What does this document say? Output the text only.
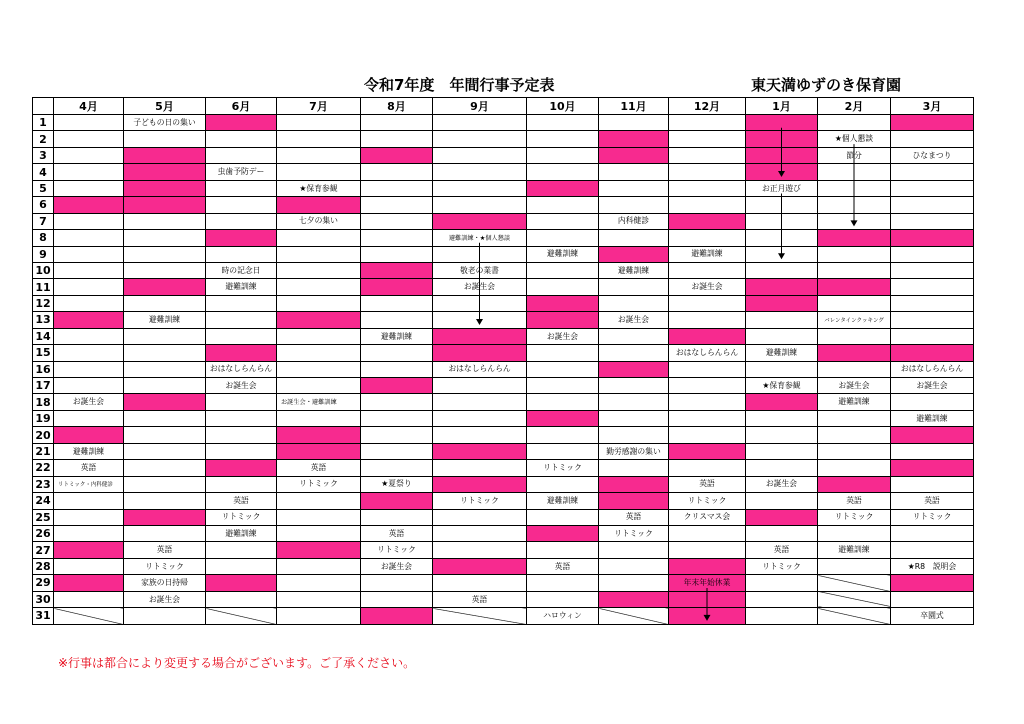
令和7年度　年間行事予定表	東天満ゆずのき保育園
	4月	5月	6月	7月	8月	9月	10月	11月	12月	1月	2月	3月
1		子どもの日の集い										
2											★個人懇談	
3											節分	ひなまつり
4			虫歯予防デー									
5				★保育参観						お正月遊び		
6												
7				七夕の集い				内科健診				
8						避難訓練・★個人懇談						
9							避難訓練		避難訓練			
10			時の記念日			敬老の業書		避難訓練				
11			避難訓練			お誕生会			お誕生会			
12												
13		避難訓練						お誕生会			バレンタインクッキング	
14					避難訓練		お誕生会					
15									おはなしらんらん	避難訓練		
16			おはなしらんらん			おはなしらんらん						おはなしらんらん
17			お誕生会							★保育参観	お誕生会	お誕生会
18	お誕生会			お誕生会・避難訓練							避難訓練	
19												避難訓練
20												
21	避難訓練							勤労感謝の集い				
22	英語			英語			リトミック					
23	リトミック・内科健診			リトミック	★夏祭り				英語	お誕生会		
24			英語			リトミック	避難訓練		リトミック		英語	英語
25			リトミック					英語	クリスマス会		リトミック	リトミック
26			避難訓練		英語			リトミック				
27		英語			リトミック					英語	避難訓練	
28		リトミック			お誕生会		英語			リトミック		★R8　説明会
29		家族の日持帰							年末年始休業			
30		お誕生会				英語						
31							ハロウィン					卒園式
※行事は都合により変更する場合がございます。ご了承ください。
